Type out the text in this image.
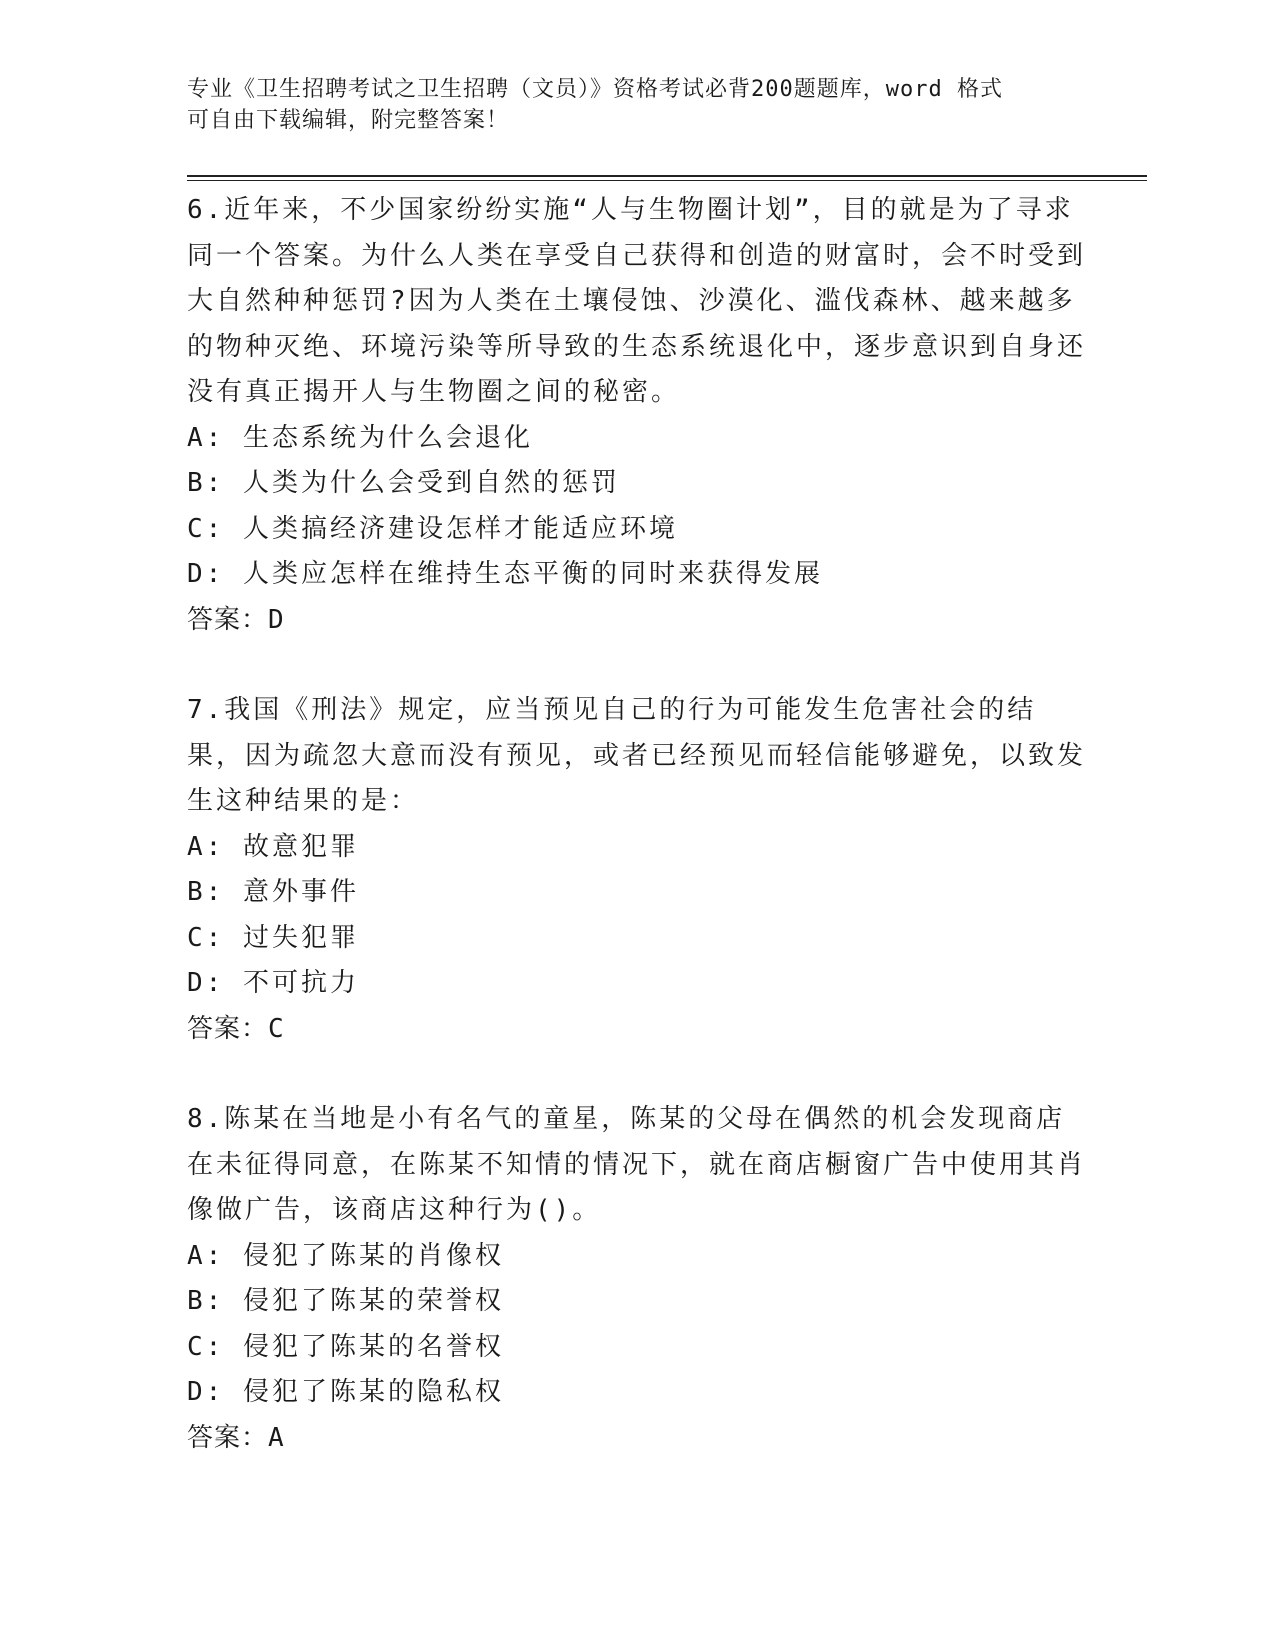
专业《卫生招聘考试之卫生招聘（文员）》资格考试必背200题题库，word 格式
可自由下载编辑，附完整答案！
6.近年来，不少国家纷纷实施“人与生物圈计划”，目的就是为了寻求同一个答案。为什么人类在享受自己获得和创造的财富时，会不时受到大自然种种惩罚?因为人类在土壤侵蚀、沙漠化、滥伐森林、越来越多的物种灭绝、环境污染等所导致的生态系统退化中，逐步意识到自身还没有真正揭开人与生物圈之间的秘密。
A: 生态系统为什么会退化
B: 人类为什么会受到自然的惩罚
C: 人类搞经济建设怎样才能适应环境
D: 人类应怎样在维持生态平衡的同时来获得发展
答案：D
7.我国《刑法》规定，应当预见自己的行为可能发生危害社会的结果，因为疏忽大意而没有预见，或者已经预见而轻信能够避免，以致发生这种结果的是：
A: 故意犯罪
B: 意外事件
C: 过失犯罪
D: 不可抗力
答案：C
8.陈某在当地是小有名气的童星，陈某的父母在偶然的机会发现商店在未征得同意，在陈某不知情的情况下，就在商店橱窗广告中使用其肖像做广告，该商店这种行为()。
A: 侵犯了陈某的肖像权
B: 侵犯了陈某的荣誉权
C: 侵犯了陈某的名誉权
D: 侵犯了陈某的隐私权
答案：A
